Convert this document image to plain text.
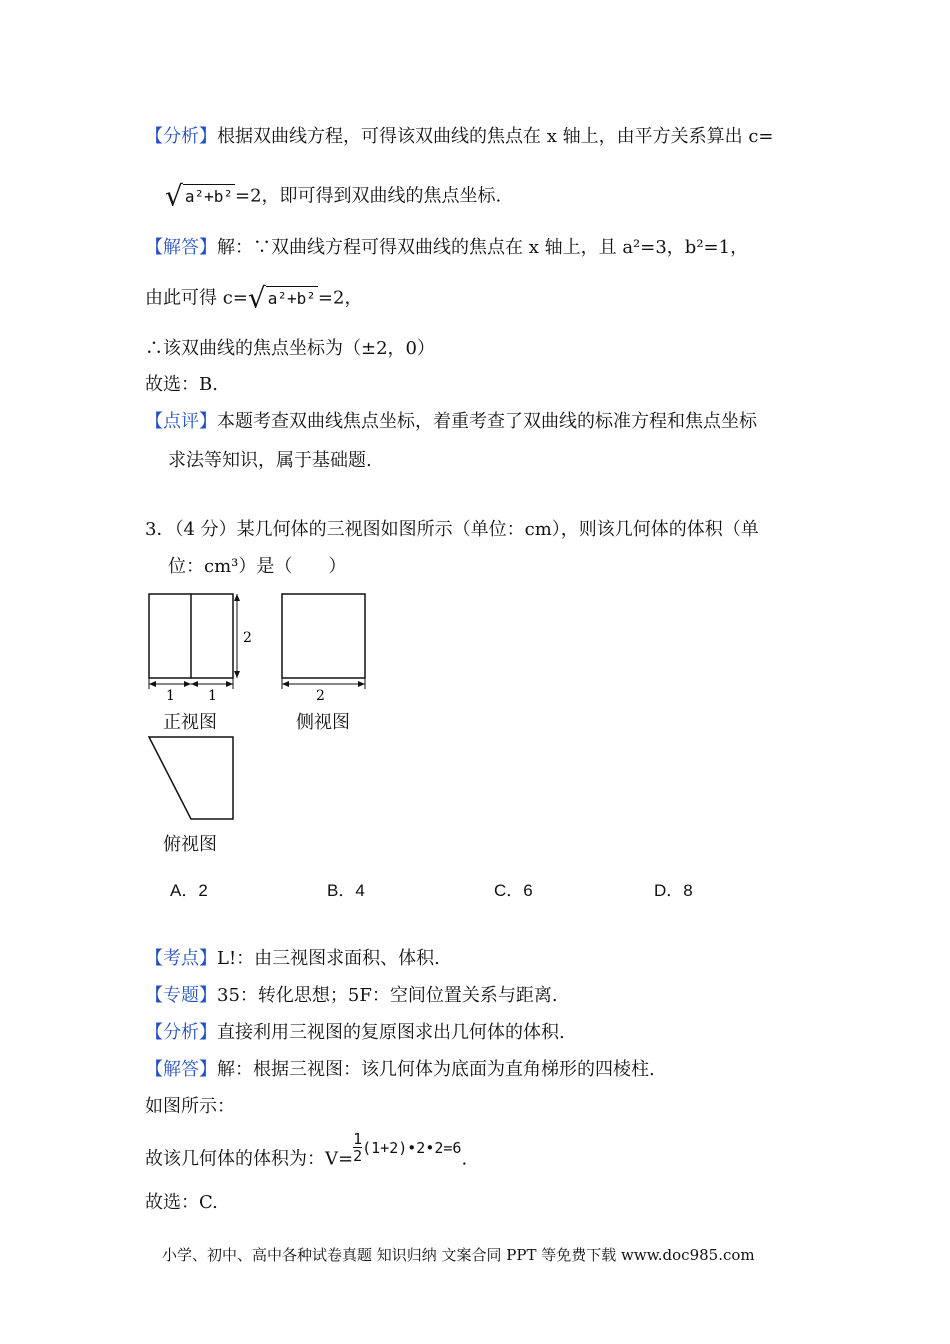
【分析】根据双曲线方程，可得该双曲线的焦点在 x 轴上，由平方关系算出 c=
√ a²+b² =2，即可得到双曲线的焦点坐标.
【解答】解：∵双曲线方程可得双曲线的焦点在 x 轴上，且 a²=3，b²=1，
由此可得 c=√ a²+b² =2，
∴该双曲线的焦点坐标为（±2，0）
故选：B.
【点评】本题考查双曲线焦点坐标，着重考查了双曲线的标准方程和焦点坐标
求法等知识，属于基础题.
3．（4 分）某几何体的三视图如图所示（单位：cm），则该几何体的体积（单
位：cm³）是（　　）
2
1 1	2
正视图	侧视图
俯视图
A．2	B．4	C．6	D．8
【考点】L!：由三视图求面积、体积.
【专题】35：转化思想；5F：空间位置关系与距离.
【分析】直接利用三视图的复原图求出几何体的体积.
【解答】解：根据三视图：该几何体为底面为直角梯形的四棱柱.
如图所示：
故该几何体的体积为：$V= \frac{1}{2} ^{(1+2)•2•2=6}$.
故选：C.
小学、初中、高中各种试卷真题 知识归纳 文案合同 PPT 等免费下载 www.doc985.com
